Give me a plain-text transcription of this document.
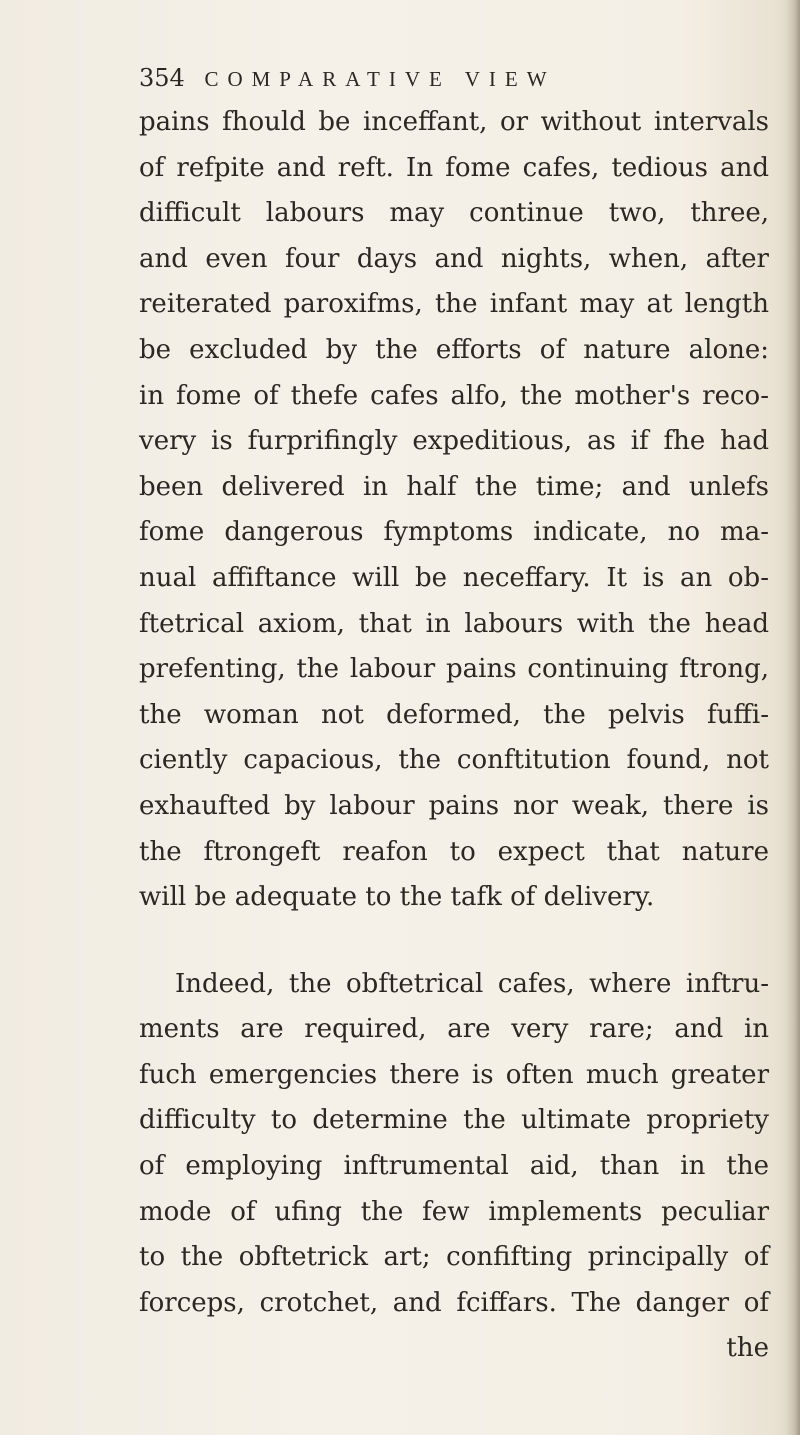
354 COMPARATIVE VIEW
pains fhould be inceffant, or without intervals
of refpite and reft. In fome cafes, tedious and
difficult labours may continue two, three,
and even four days and nights, when, after
reiterated paroxifms, the infant may at length
be excluded by the efforts of nature alone:
in fome of thefe cafes alfo, the mother's reco-
very is furprifingly expeditious, as if fhe had
been delivered in half the time; and unlefs
fome dangerous fymptoms indicate, no ma-
nual affiftance will be neceffary. It is an ob-
ftetrical axiom, that in labours with the head
prefenting, the labour pains continuing ftrong,
the woman not deformed, the pelvis fuffi-
ciently capacious, the conftitution found, not
exhaufted by labour pains nor weak, there is
the ftrongeft reafon to expect that nature
will be adequate to the tafk of delivery.
Indeed, the obftetrical cafes, where inftru-
ments are required, are very rare; and in
fuch emergencies there is often much greater
difficulty to determine the ultimate propriety
of employing inftrumental aid, than in the
mode of ufing the few implements peculiar
to the obftetrick art; confifting principally of
forceps, crotchet, and fciffars. The danger of
the
